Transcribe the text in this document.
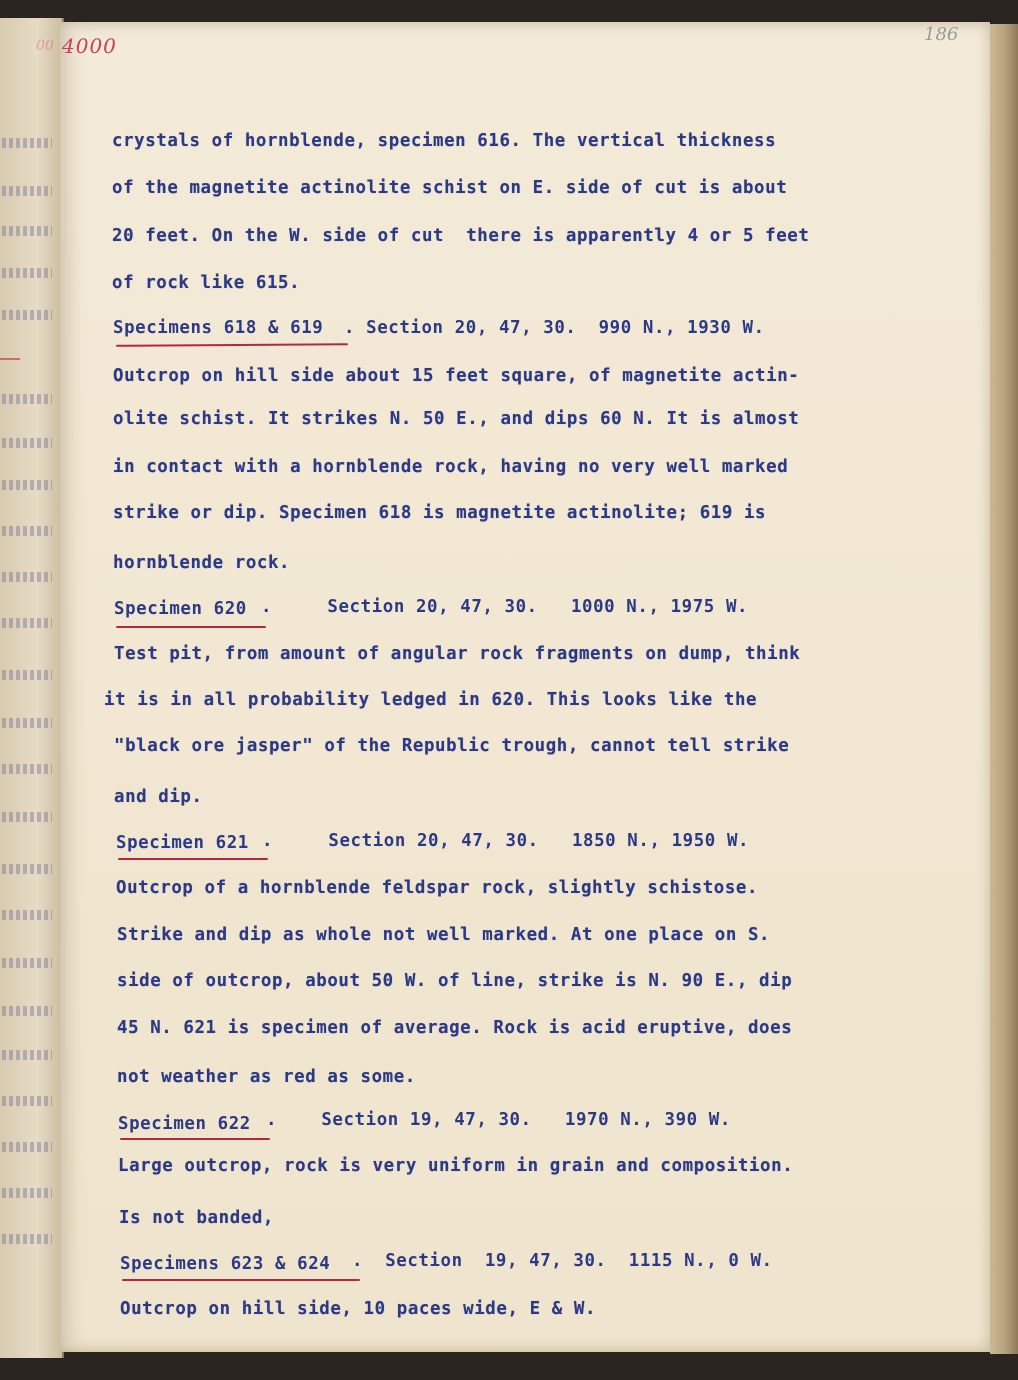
00 4000	186
crystals of hornblende, specimen 616. The vertical thickness
of the magnetite actinolite schist on E. side of cut is about
20 feet. On the W. side of cut  there is apparently 4 or 5 feet
of rock like 615.
Specimens 618 & 619 . Section 20, 47, 30.  990 N., 1930 W.
Outcrop on hill side about 15 feet square, of magnetite actin-
olite schist. It strikes N. 50 E., and dips 60 N. It is almost
in contact with a hornblende rock, having no very well marked
strike or dip. Specimen 618 is magnetite actinolite; 619 is
hornblende rock.
Specimen 620 .     Section 20, 47, 30.   1000 N., 1975 W.
Test pit, from amount of angular rock fragments on dump, think
it is in all probability ledged in 620. This looks like the
"black ore jasper" of the Republic trough, cannot tell strike
and dip.
Specimen 621 .     Section 20, 47, 30.   1850 N., 1950 W.
Outcrop of a hornblende feldspar rock, slightly schistose.
Strike and dip as whole not well marked. At one place on S.
side of outcrop, about 50 W. of line, strike is N. 90 E., dip
45 N. 621 is specimen of average. Rock is acid eruptive, does
not weather as red as some.
Specimen 622 .    Section 19, 47, 30.   1970 N., 390 W.
Large outcrop, rock is very uniform in grain and composition.
Is not banded,
Specimens 623 & 624 .  Section  19, 47, 30.  1115 N., 0 W.
Outcrop on hill side, 10 paces wide, E & W.
